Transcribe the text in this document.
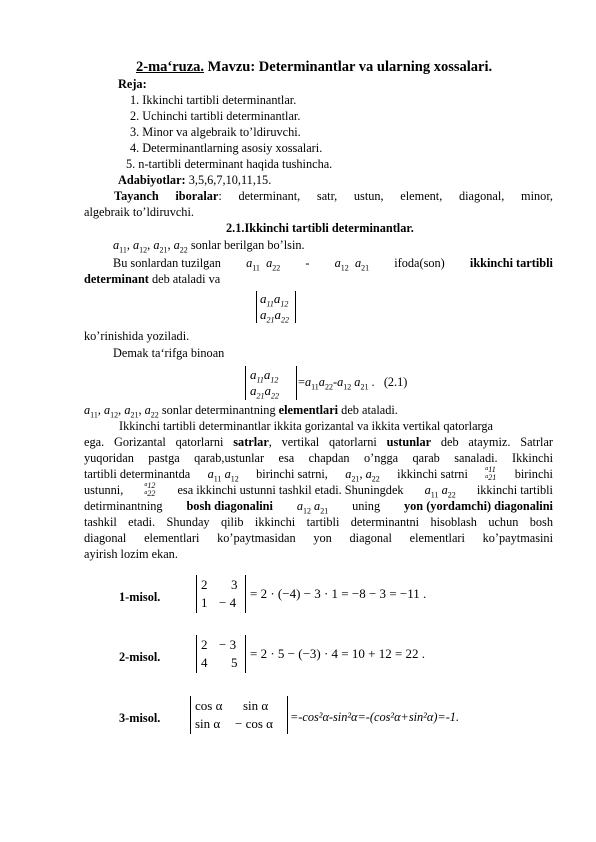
2-ma‘ruza. Mavzu: Determinantlar va ularning xossalari.
Reja:
1. Ikkinchi tartibli determinantlar.
2. Uchinchi tartibli determinantlar.
3. Minor va algebraik to’ldiruvchi.
4. Determinantlarning asosiy xossalari.
5. n-tartibli determinant haqida tushincha.
Adabiyotlar: 3,5,6,7,10,11,15.
Tayanch iboralar: determinant, satr, ustun, element, diagonal, minor,
algebraik to’ldiruvchi.
2.1.Ikkinchi tartibli determinantlar.
$a_{11}$, $a_{12}$, $a_{21}$, $a_{22}$ sonlar berilgan bo’lsin.
Bu sonlardan tuzilgan $a_{11}$ $a_{22} - a_{12}$ $a_{21}$ ifoda(son) ikkinchi tartibli
determinant deb ataladi va
$a_{11}a_{12}$
$a_{21}a_{22}$
ko’rinishida yoziladi.
Demak ta‘rifga binoan
$a_{11}a_{12}$
$a_{21}a_{22}$
$=a_{11}a_{22}-a_{12}$ $a_{21}$ .   (2.1)
$a_{11}$, $a_{12}$, $a_{21}$, $a_{22}$ sonlar determinantning elementlari deb ataladi.
Ikkinchi tartibli determinantlar ikkita gorizantal va ikkita vertikal qatorlarga
ega. Gorizantal qatorlarni satrlar, vertikal qatorlarni ustunlar deb ataymiz. Satrlar
yuqoridan pastga qarab,ustunlar esa chapdan o’ngga qarab sanaladi. Ikkinchi
tartibli determinantda $a_{11}$ $a_{12}$ birinchi satrni, $a_{21}$, $a_{22}$ ikkinchi satrni	$a_{11}$
$a_{21}$ birinchi
ustunni,	$a_{12}$
$a_{22}$ esa ikkinchi ustunni tashkil etadi. Shuningdek $a_{11}$ $a_{22}$ ikkinchi tartibli
detirminantning bosh diagonalini $a_{12}$ $a_{21}$ uning yon (yordamchi) diagonalini
tashkil etadi. Shunday qilib ikkinchi tartibli determinantni hisoblash uchun bosh
diagonal elementlari ko’paytmasidan yon diagonal elementlari ko’paytmasini
ayirish lozim ekan.
1-misol.
2 3
1 − 4
= 2 · (−4) − 3 · 1 = −8 − 3 = −11 .
2-misol.
2 − 3
4 5
= 2 · 5 − (−3) · 4 = 10 + 12 = 22 .
3-misol.
cos α sin α
sin α − cos α =-cos²α-sin²α=-(cos²α+sin²α)=-1.
